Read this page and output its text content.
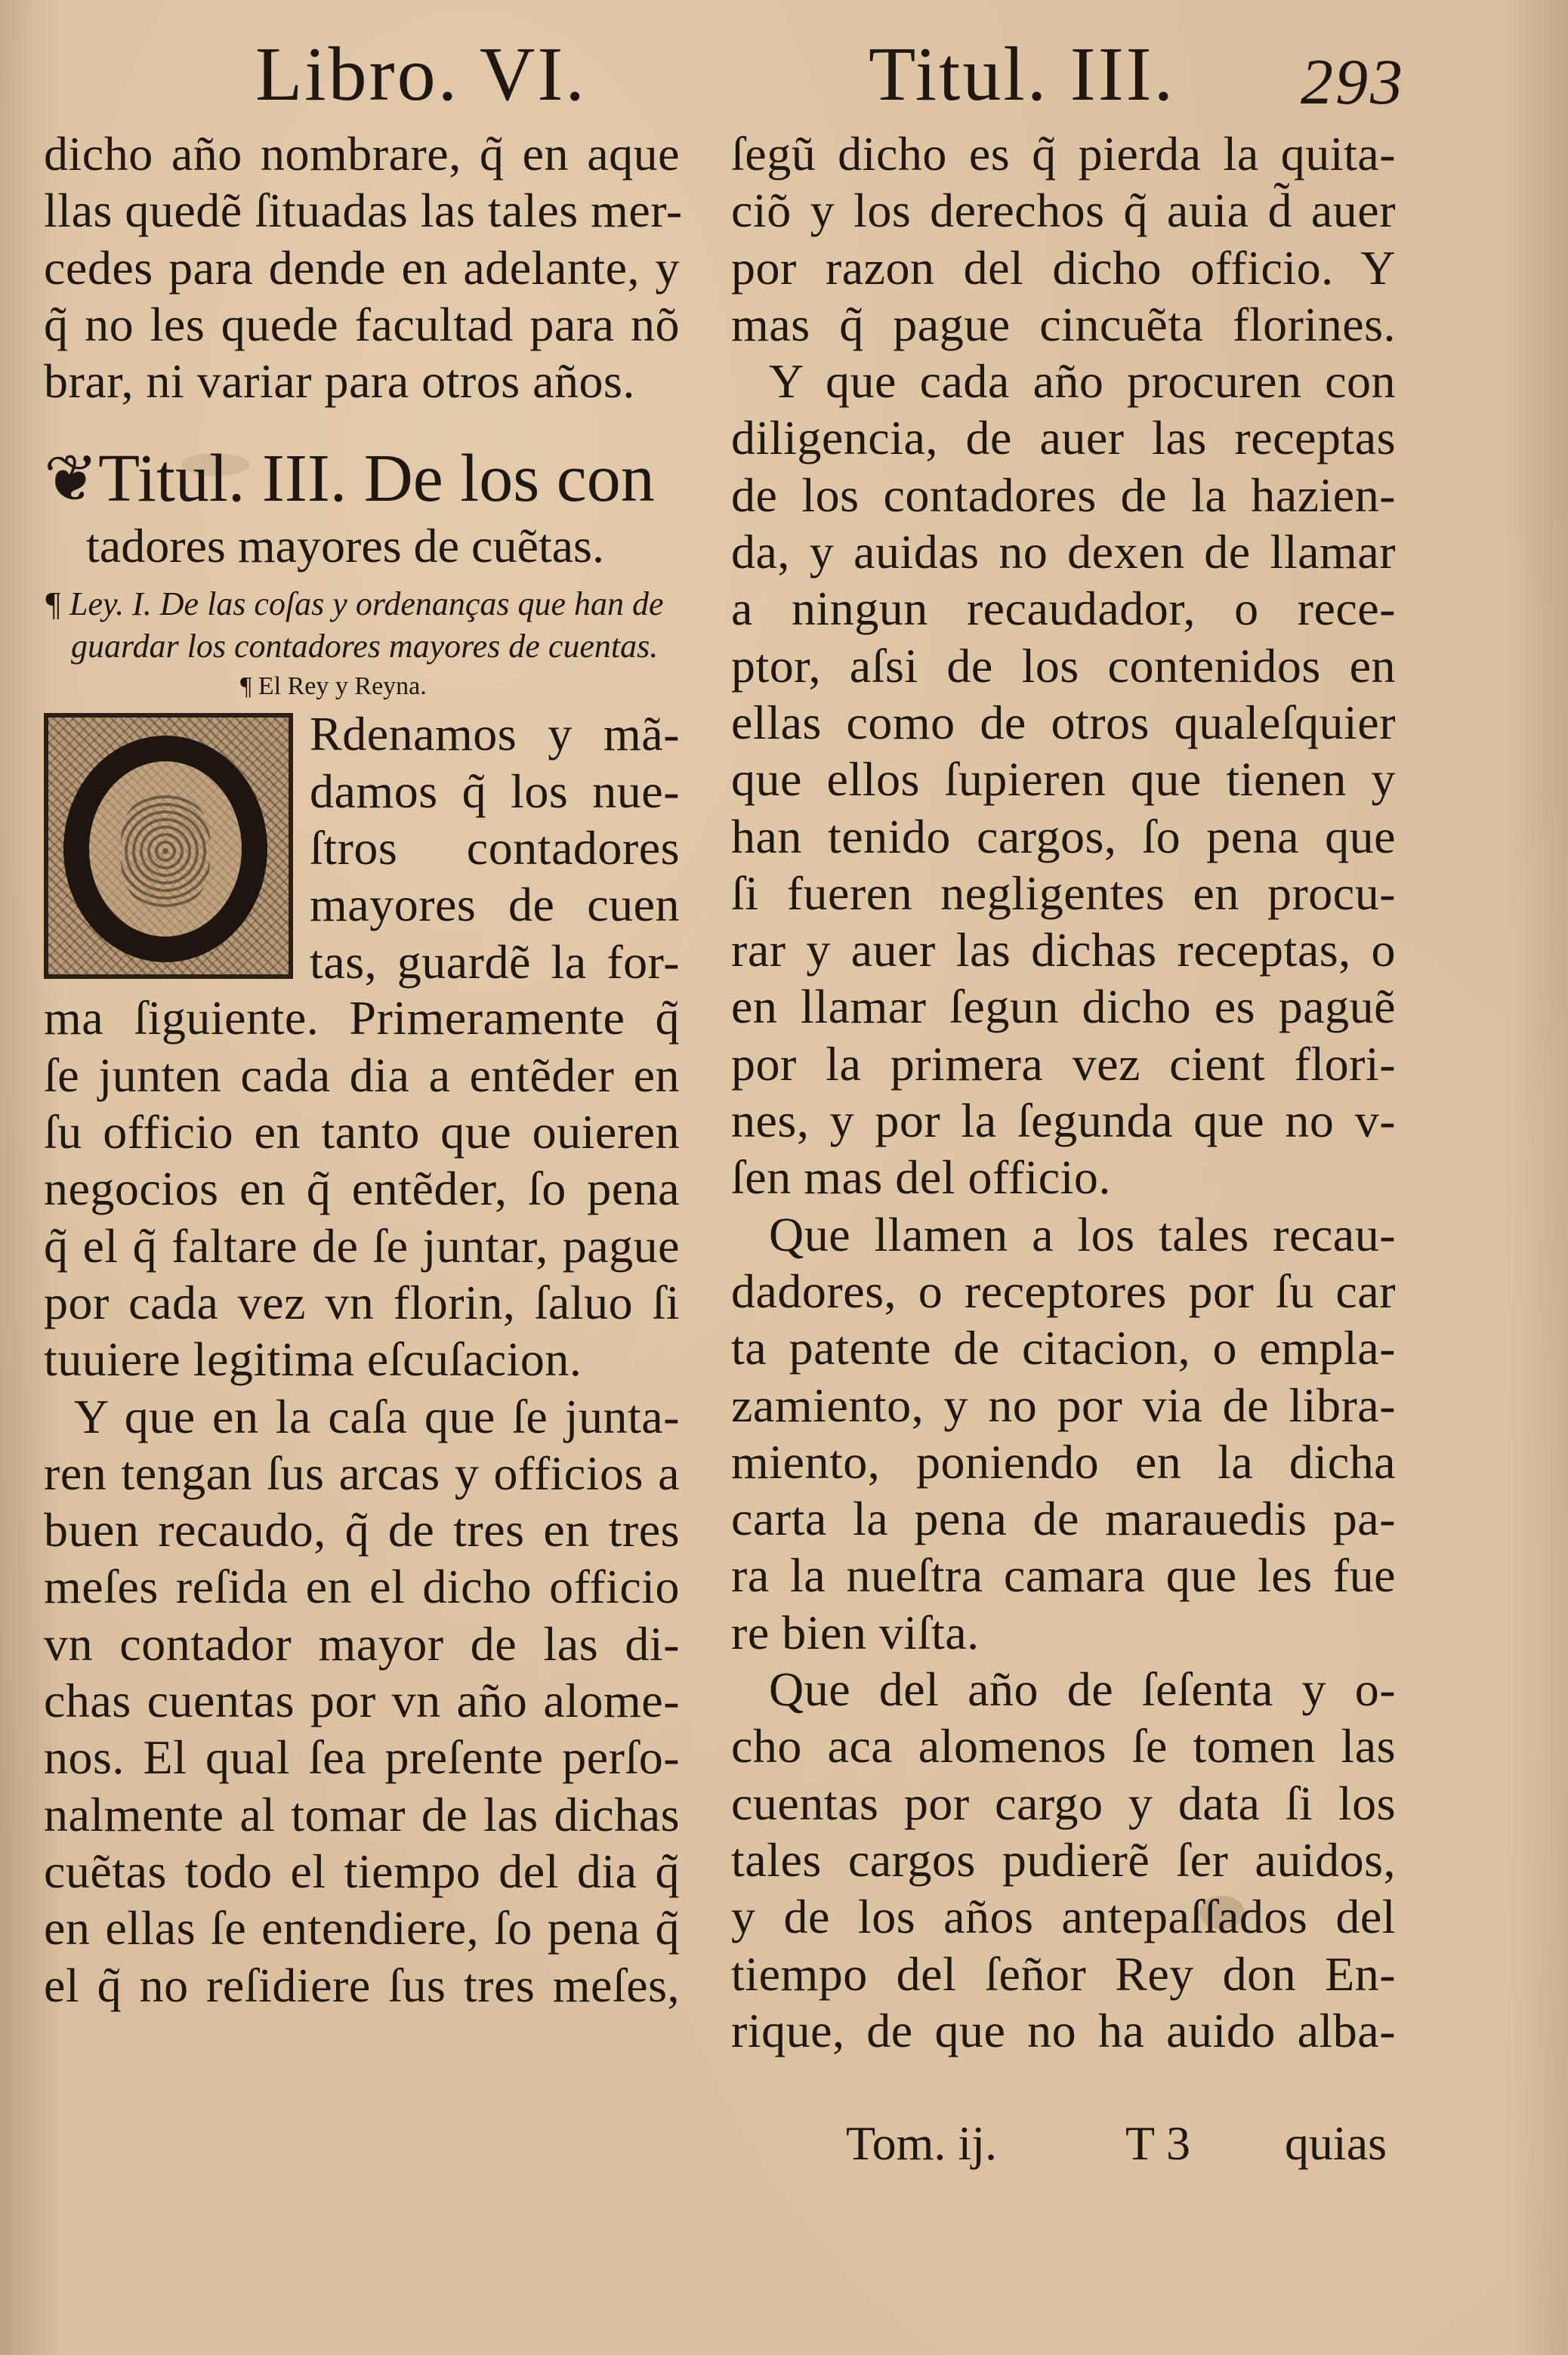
Libro. VI.	Titul. III. 293
dicho año nombrare, q̃ en aque
llas quedẽ ſituadas las tales mer-
cedes para dende en adelante, y
q̃ no les quede facultad para nõ
brar, ni variar para otros años.
❦Titul. III. De los con
tadores mayores de cuẽtas.
¶ Ley. I. De las coſas y ordenanças que han de
guardar los contadores mayores de cuentas.
¶ El Rey y Reyna.
Rdenamos y mã-
damos q̃ los nue-
ſtros contadores
mayores de cuen
tas, guardẽ la for-
ma ſiguiente. Primeramente q̃
ſe junten cada dia a entẽder en
ſu officio en tanto que ouieren
negocios en q̃ entẽder, ſo pena
q̃ el q̃ faltare de ſe juntar, pague
por cada vez vn florin, ſaluo ſi
tuuiere legitima eſcuſacion.
Y que en la caſa que ſe junta-
ren tengan ſus arcas y officios a
buen recaudo, q̃ de tres en tres
meſes reſida en el dicho officio
vn contador mayor de las di-
chas cuentas por vn año alome-
nos. El qual ſea preſente perſo-
nalmente al tomar de las dichas
cuẽtas todo el tiempo del dia q̃
en ellas ſe entendiere, ſo pena q̃
el q̃ no reſidiere ſus tres meſes,
ſegũ dicho es q̃ pierda la quita-
ciõ y los derechos q̃ auia d̃ auer
por razon del dicho officio. Y
mas q̃ pague cincuẽta florines.
Y que cada año procuren con
diligencia, de auer las receptas
de los contadores de la hazien-
da, y auidas no dexen de llamar
a ningun recaudador, o rece-
ptor, aſsi de los contenidos en
ellas como de otros qualeſquier
que ellos ſupieren que tienen y
han tenido cargos, ſo pena que
ſi fueren negligentes en procu-
rar y auer las dichas receptas, o
en llamar ſegun dicho es paguẽ
por la primera vez cient flori-
nes, y por la ſegunda que no v-
ſen mas del officio.
Que llamen a los tales recau-
dadores, o receptores por ſu car
ta patente de citacion, o empla-
zamiento, y no por via de libra-
miento, poniendo en la dicha
carta la pena de marauedis pa-
ra la nueſtra camara que les fue
re bien viſta.
Que del año de ſeſenta y o-
cho aca alomenos ſe tomen las
cuentas por cargo y data ſi los
tales cargos pudierẽ ſer auidos,
y de los años antepaſſados del
tiempo del ſeñor Rey don En-
rique, de que no ha auido alba-
Tom. ij.	T 3 quias
